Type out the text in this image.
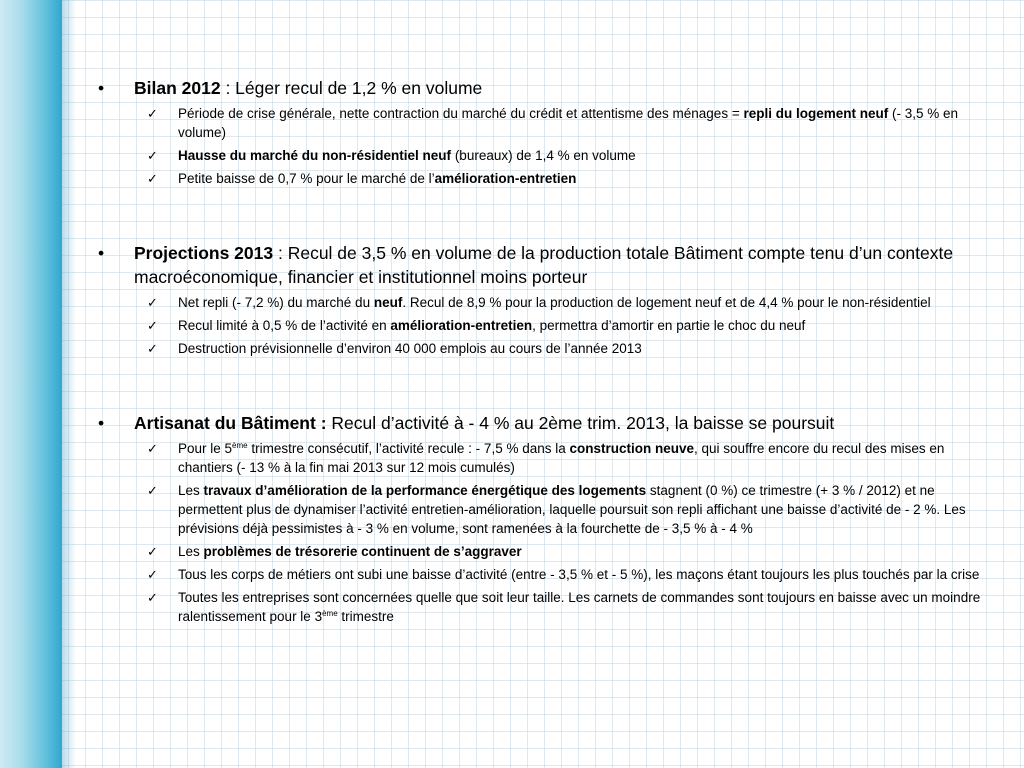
• Bilan 2012 : Léger recul de 1,2 % en volume
✓ Période de crise générale, nette contraction du marché du crédit et attentisme des ménages = repli du logement neuf (- 3,5 % en volume)
✓ Hausse du marché du non-résidentiel neuf (bureaux) de 1,4 % en volume
✓ Petite baisse de 0,7 % pour le marché de l’amélioration-entretien
• Projections 2013 : Recul de 3,5 % en volume de la production totale Bâtiment compte tenu d’un contexte macroéconomique, financier et institutionnel moins porteur
✓ Net repli (- 7,2 %) du marché du neuf. Recul de 8,9 % pour la production de logement neuf et de 4,4 % pour le non-résidentiel
✓ Recul limité à 0,5 % de l’activité en amélioration-entretien, permettra d’amortir en partie le choc du neuf
✓ Destruction prévisionnelle d’environ 40 000 emplois au cours de l’année 2013
• Artisanat du Bâtiment : Recul d’activité à - 4 % au 2ème trim. 2013, la baisse se poursuit
✓ Pour le 5ème trimestre consécutif, l’activité recule : - 7,5 % dans la construction neuve, qui souffre encore du recul des mises en chantiers (- 13 % à la fin mai 2013 sur 12 mois cumulés)
✓ Les travaux d’amélioration de la performance énergétique des logements stagnent (0 %) ce trimestre (+ 3 % / 2012) et ne permettent plus de dynamiser l’activité entretien-amélioration, laquelle poursuit son repli affichant une baisse d’activité de - 2 %. Les prévisions déjà pessimistes à - 3 % en volume, sont ramenées à la fourchette de - 3,5 % à - 4 %
✓ Les problèmes de trésorerie continuent de s’aggraver
✓ Tous les corps de métiers ont subi une baisse d’activité (entre - 3,5 % et - 5 %), les maçons étant toujours les plus touchés par la crise
✓ Toutes les entreprises sont concernées quelle que soit leur taille. Les carnets de commandes sont toujours en baisse avec un moindre ralentissement pour le 3ème trimestre
